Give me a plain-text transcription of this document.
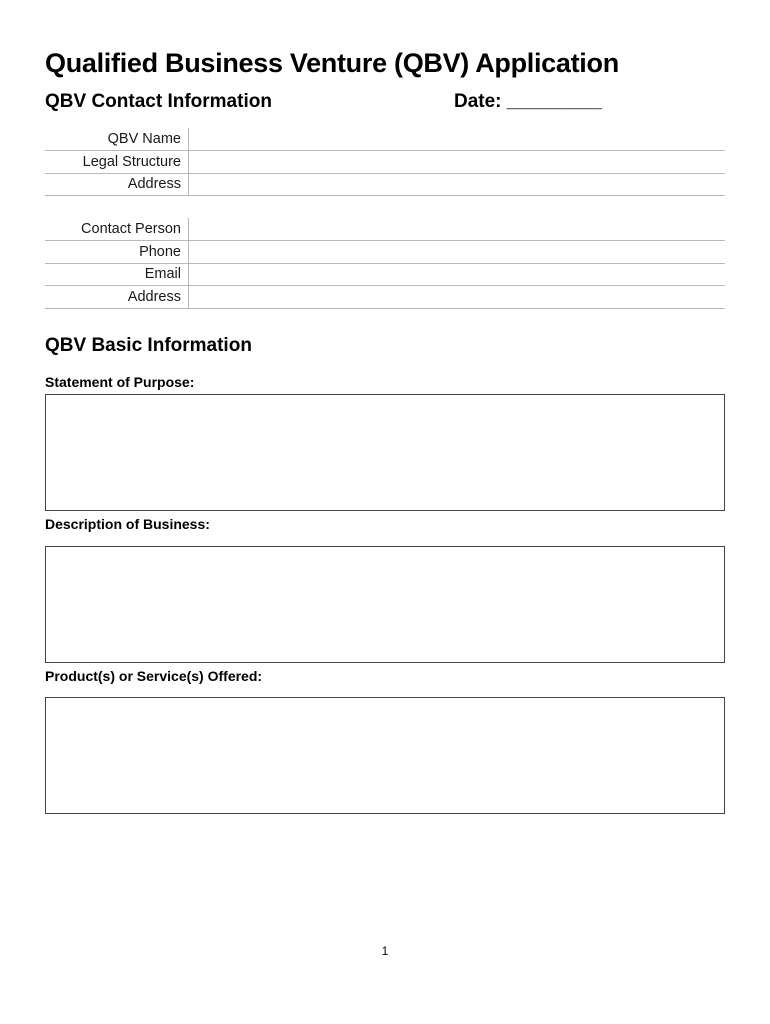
Qualified Business Venture (QBV) Application
QBV Contact Information	Date: _________
QBV Name	
Legal Structure	
Address	
Contact Person	
Phone	
Email	
Address	
QBV Basic Information
Statement of Purpose:
Description of Business:
Product(s) or Service(s) Offered:
1
